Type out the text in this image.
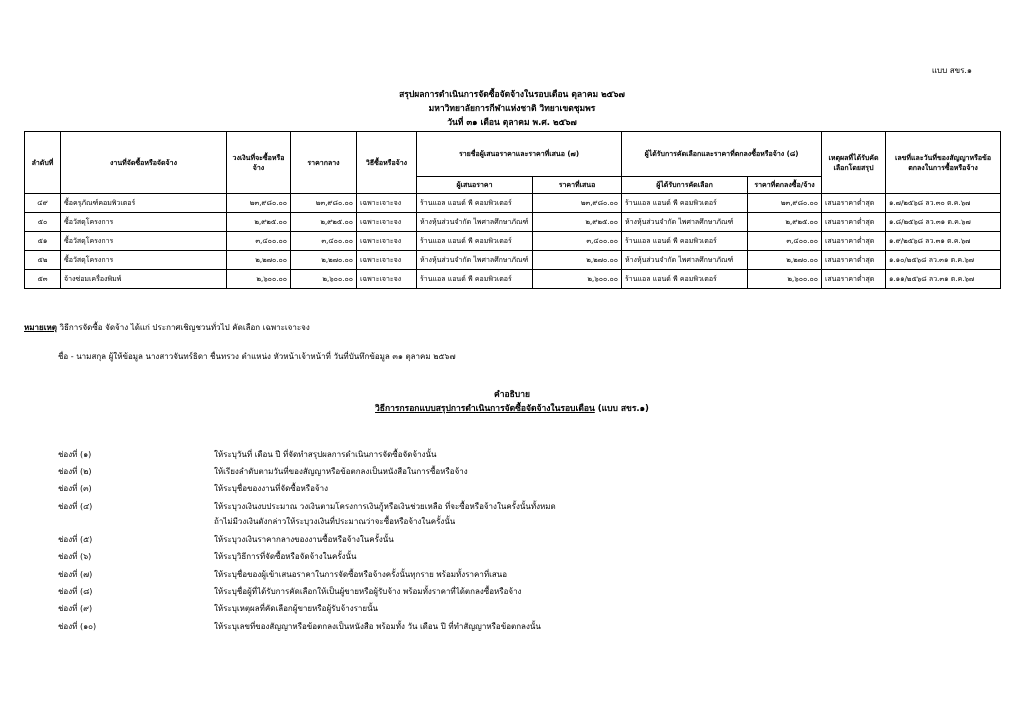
แบบ สขร.๑
สรุปผลการดำเนินการจัดซื้อจัดจ้างในรอบเดือน ตุลาคม ๒๕๖๗
มหาวิทยาลัยการกีฬาแห่งชาติ วิทยาเขตชุมพร
วันที่ ๓๑ เดือน ตุลาคม พ.ศ. ๒๕๖๗
ลำดับที่	งานที่จัดซื้อหรือจัดจ้าง	วงเงินที่จะซื้อหรือจ้าง	ราคากลาง	วิธีซื้อหรือจ้าง	รายชื่อผู้เสนอราคาและราคาที่เสนอ (๗)		ผู้ได้รับการคัดเลือกและราคาที่ตกลงซื้อหรือจ้าง (๘)		เหตุผลที่ได้รับคัดเลือกโดยสรุป	เลขที่และวันที่ของสัญญาหรือข้อตกลงในการซื้อหรือจ้าง
					ผู้เสนอราคา	ราคาที่เสนอ	ผู้ได้รับการคัดเลือก	ราคาที่ตกลงซื้อ/จ้าง		
๔๙	ซื้อครุภัณฑ์คอมพิวเตอร์	๒๓,๙๘๐.๐๐	๒๓,๙๘๐.๐๐	เฉพาะเจาะจง	ร้านแอล แอนด์ พี คอมพิวเตอร์	๒๓,๙๘๐.๐๐	ร้านแอล แอนด์ พี คอมพิวเตอร์	๒๓,๙๘๐.๐๐	เสนอราคาต่ำสุด	๑.๗/๒๕๖๘ ลว.๓๐ ต.ค.๖๗
๕๐	ซื้อวัสดุโครงการ	๒,๙๒๕.๐๐	๒,๙๒๕.๐๐	เฉพาะเจาะจง	ห้างหุ้นส่วนจำกัด ไพศาลศึกษาภัณฑ์	๒,๙๒๕.๐๐	ห้างหุ้นส่วนจำกัด ไพศาลศึกษาภัณฑ์	๒,๙๒๕.๐๐	เสนอราคาต่ำสุด	๑.๘/๒๕๖๘ ลว.๓๑ ต.ค.๖๗
๕๑	ซื้อวัสดุโครงการ	๓,๔๐๐.๐๐	๓,๔๐๐.๐๐	เฉพาะเจาะจง	ร้านแอล แอนด์ พี คอมพิวเตอร์	๓,๔๐๐.๐๐	ร้านแอล แอนด์ พี คอมพิวเตอร์	๓,๔๐๐.๐๐	เสนอราคาต่ำสุด	๑.๙/๒๕๖๘ ลว.๓๑ ต.ค.๖๗
๕๒	ซื้อวัสดุโครงการ	๒,๒๗๐.๐๐	๒,๒๗๐.๐๐	เฉพาะเจาะจง	ห้างหุ้นส่วนจำกัด ไพศาลศึกษาภัณฑ์	๒,๒๗๐.๐๐	ห้างหุ้นส่วนจำกัด ไพศาลศึกษาภัณฑ์	๒,๒๗๐.๐๐	เสนอราคาต่ำสุด	๑.๑๐/๒๕๖๘ ลว.๓๑ ต.ค.๖๗
๕๓	จ้างซ่อมเครื่องพิมพ์	๒,๖๐๐.๐๐	๒,๖๐๐.๐๐	เฉพาะเจาะจง	ร้านแอล แอนด์ พี คอมพิวเตอร์	๒,๖๐๐.๐๐	ร้านแอล แอนด์ พี คอมพิวเตอร์	๒,๖๐๐.๐๐	เสนอราคาต่ำสุด	๑.๑๑/๒๕๖๘ ลว.๓๑ ต.ค.๖๗
หมายเหตุ วิธีการจัดซื้อ จัดจ้าง ได้แก่ ประกาศเชิญชวนทั่วไป คัดเลือก เฉพาะเจาะจง
ชื่อ - นามสกุล ผู้ให้ข้อมูล นางสาวจันทร์ธิดา ชื่นทรวง ตำแหน่ง หัวหน้าเจ้าหน้าที่ วันที่บันทึกข้อมูล ๓๑ ตุลาคม ๒๕๖๗
คำอธิบาย
วิธีการกรอกแบบสรุปการดำเนินการจัดซื้อจัดจ้างในรอบเดือน (แบบ สขร.๑)
ช่องที่ (๑)	ให้ระบุวันที่ เดือน ปี ที่จัดทำสรุปผลการดำเนินการจัดซื้อจัดจ้างนั้น
ช่องที่ (๒)	ให้เรียงลำดับตามวันที่ของสัญญาหรือข้อตกลงเป็นหนังสือในการซื้อหรือจ้าง
ช่องที่ (๓)	ให้ระบุชื่อของงานที่จัดซื้อหรือจ้าง
ช่องที่ (๔)	ให้ระบุวงเงินงบประมาณ วงเงินตามโครงการเงินกู้หรือเงินช่วยเหลือ ที่จะซื้อหรือจ้างในครั้งนั้นทั้งหมด
ถ้าไม่มีวงเงินดังกล่าวให้ระบุวงเงินที่ประมาณว่าจะซื้อหรือจ้างในครั้งนั้น
ช่องที่ (๕)	ให้ระบุวงเงินราคากลางของงานซื้อหรือจ้างในครั้งนั้น
ช่องที่ (๖)	ให้ระบุวิธีการที่จัดซื้อหรือจัดจ้างในครั้งนั้น
ช่องที่ (๗)	ให้ระบุชื่อของผู้เข้าเสนอราคาในการจัดซื้อหรือจ้างครั้งนั้นทุกราย พร้อมทั้งราคาที่เสนอ
ช่องที่ (๘)	ให้ระบุชื่อผู้ที่ได้รับการคัดเลือกให้เป็นผู้ขายหรือผู้รับจ้าง พร้อมทั้งราคาที่ได้ตกลงซื้อหรือจ้าง
ช่องที่ (๙)	ให้ระบุเหตุผลที่คัดเลือกผู้ขายหรือผู้รับจ้างรายนั้น
ช่องที่ (๑๐)	ให้ระบุเลขที่ของสัญญาหรือข้อตกลงเป็นหนังสือ พร้อมทั้ง วัน เดือน ปี ที่ทำสัญญาหรือข้อตกลงนั้น
